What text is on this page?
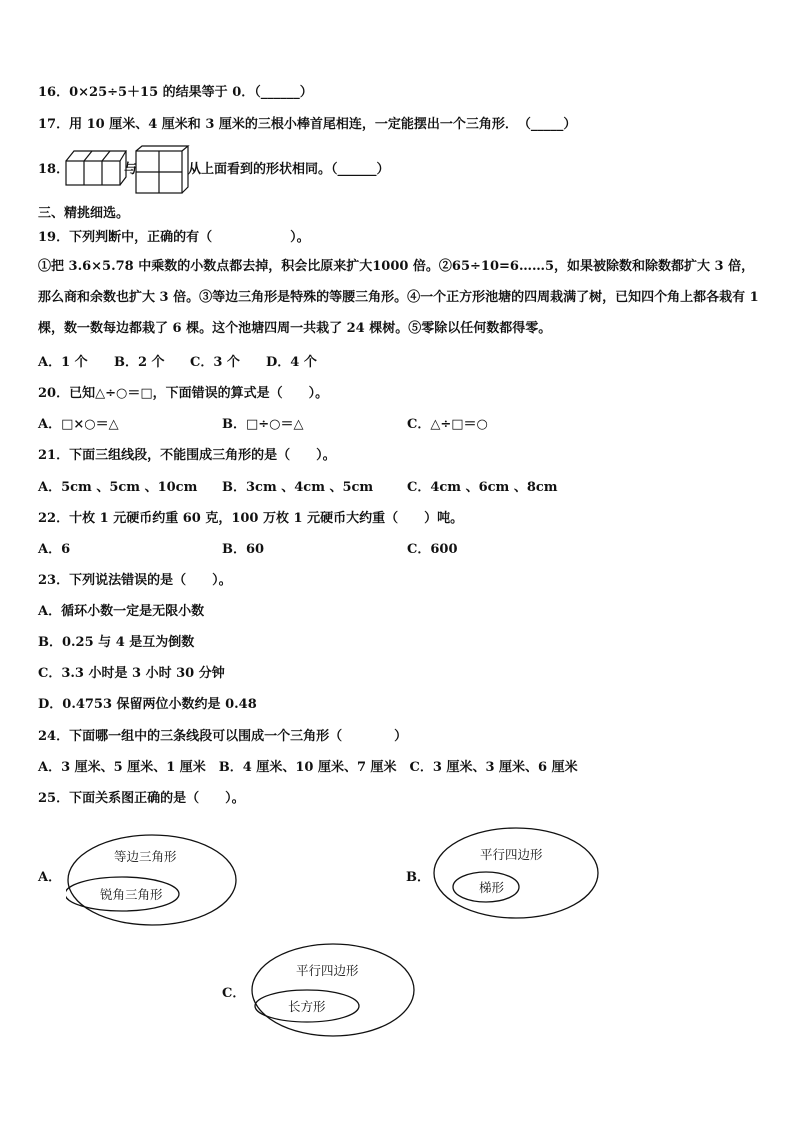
16．0×25÷5＋15 的结果等于 0．（______）
17．用 10 厘米、4 厘米和 3 厘米的三根小棒首尾相连，一定能摆出一个三角形．　（_____）
18．	与	从上面看到的形状相同。（______）
三、精挑细选。
19．下列判断中，正确的有（　　　　　　）。
①把 3.6×5.78 中乘数的小数点都去掉，积会比原来扩大1000 倍。②65÷10=6……5，如果被除数和除数都扩大 3 倍，那么商和余数也扩大 3 倍。③等边三角形是特殊的等腰三角形。④一个正方形池塘的四周栽满了树，已知四个角上都各栽有 1 棵，数一数每边都栽了 6 棵。这个池塘四周一共栽了 24 棵树。⑤零除以任何数都得零。
A．1 个 B．2 个 C．3 个 D．4 个
20．已知△÷○＝□，下面错误的算式是（　　）。
A．□×○＝△	B．□÷○＝△	C．△÷□＝○
21．下面三组线段，不能围成三角形的是（　　）。
A．5cm 、5cm 、10cm B．3cm 、4cm 、5cm	C．4cm 、6cm 、8cm
22．十枚 1 元硬币约重 60 克，100 万枚 1 元硬币大约重（　　）吨。
A．6	B．60	C．600
23．下列说法错误的是（　　）。
A．循环小数一定是无限小数
B．0.25 与 4 是互为倒数
C．3.3 小时是 3 小时 30 分钟
D．0.4753 保留两位小数约是 0.48
24．下面哪一组中的三条线段可以围成一个三角形（　　　　）
A．3 厘米、5 厘米、1 厘米　B．4 厘米、10 厘米、7 厘米　C．3 厘米、3 厘米、6 厘米
25．下面关系图正确的是（　　）。
A．
等边三角形
锐角三角形
B．
平行四边形
梯形
C．
平行四边形
长方形
